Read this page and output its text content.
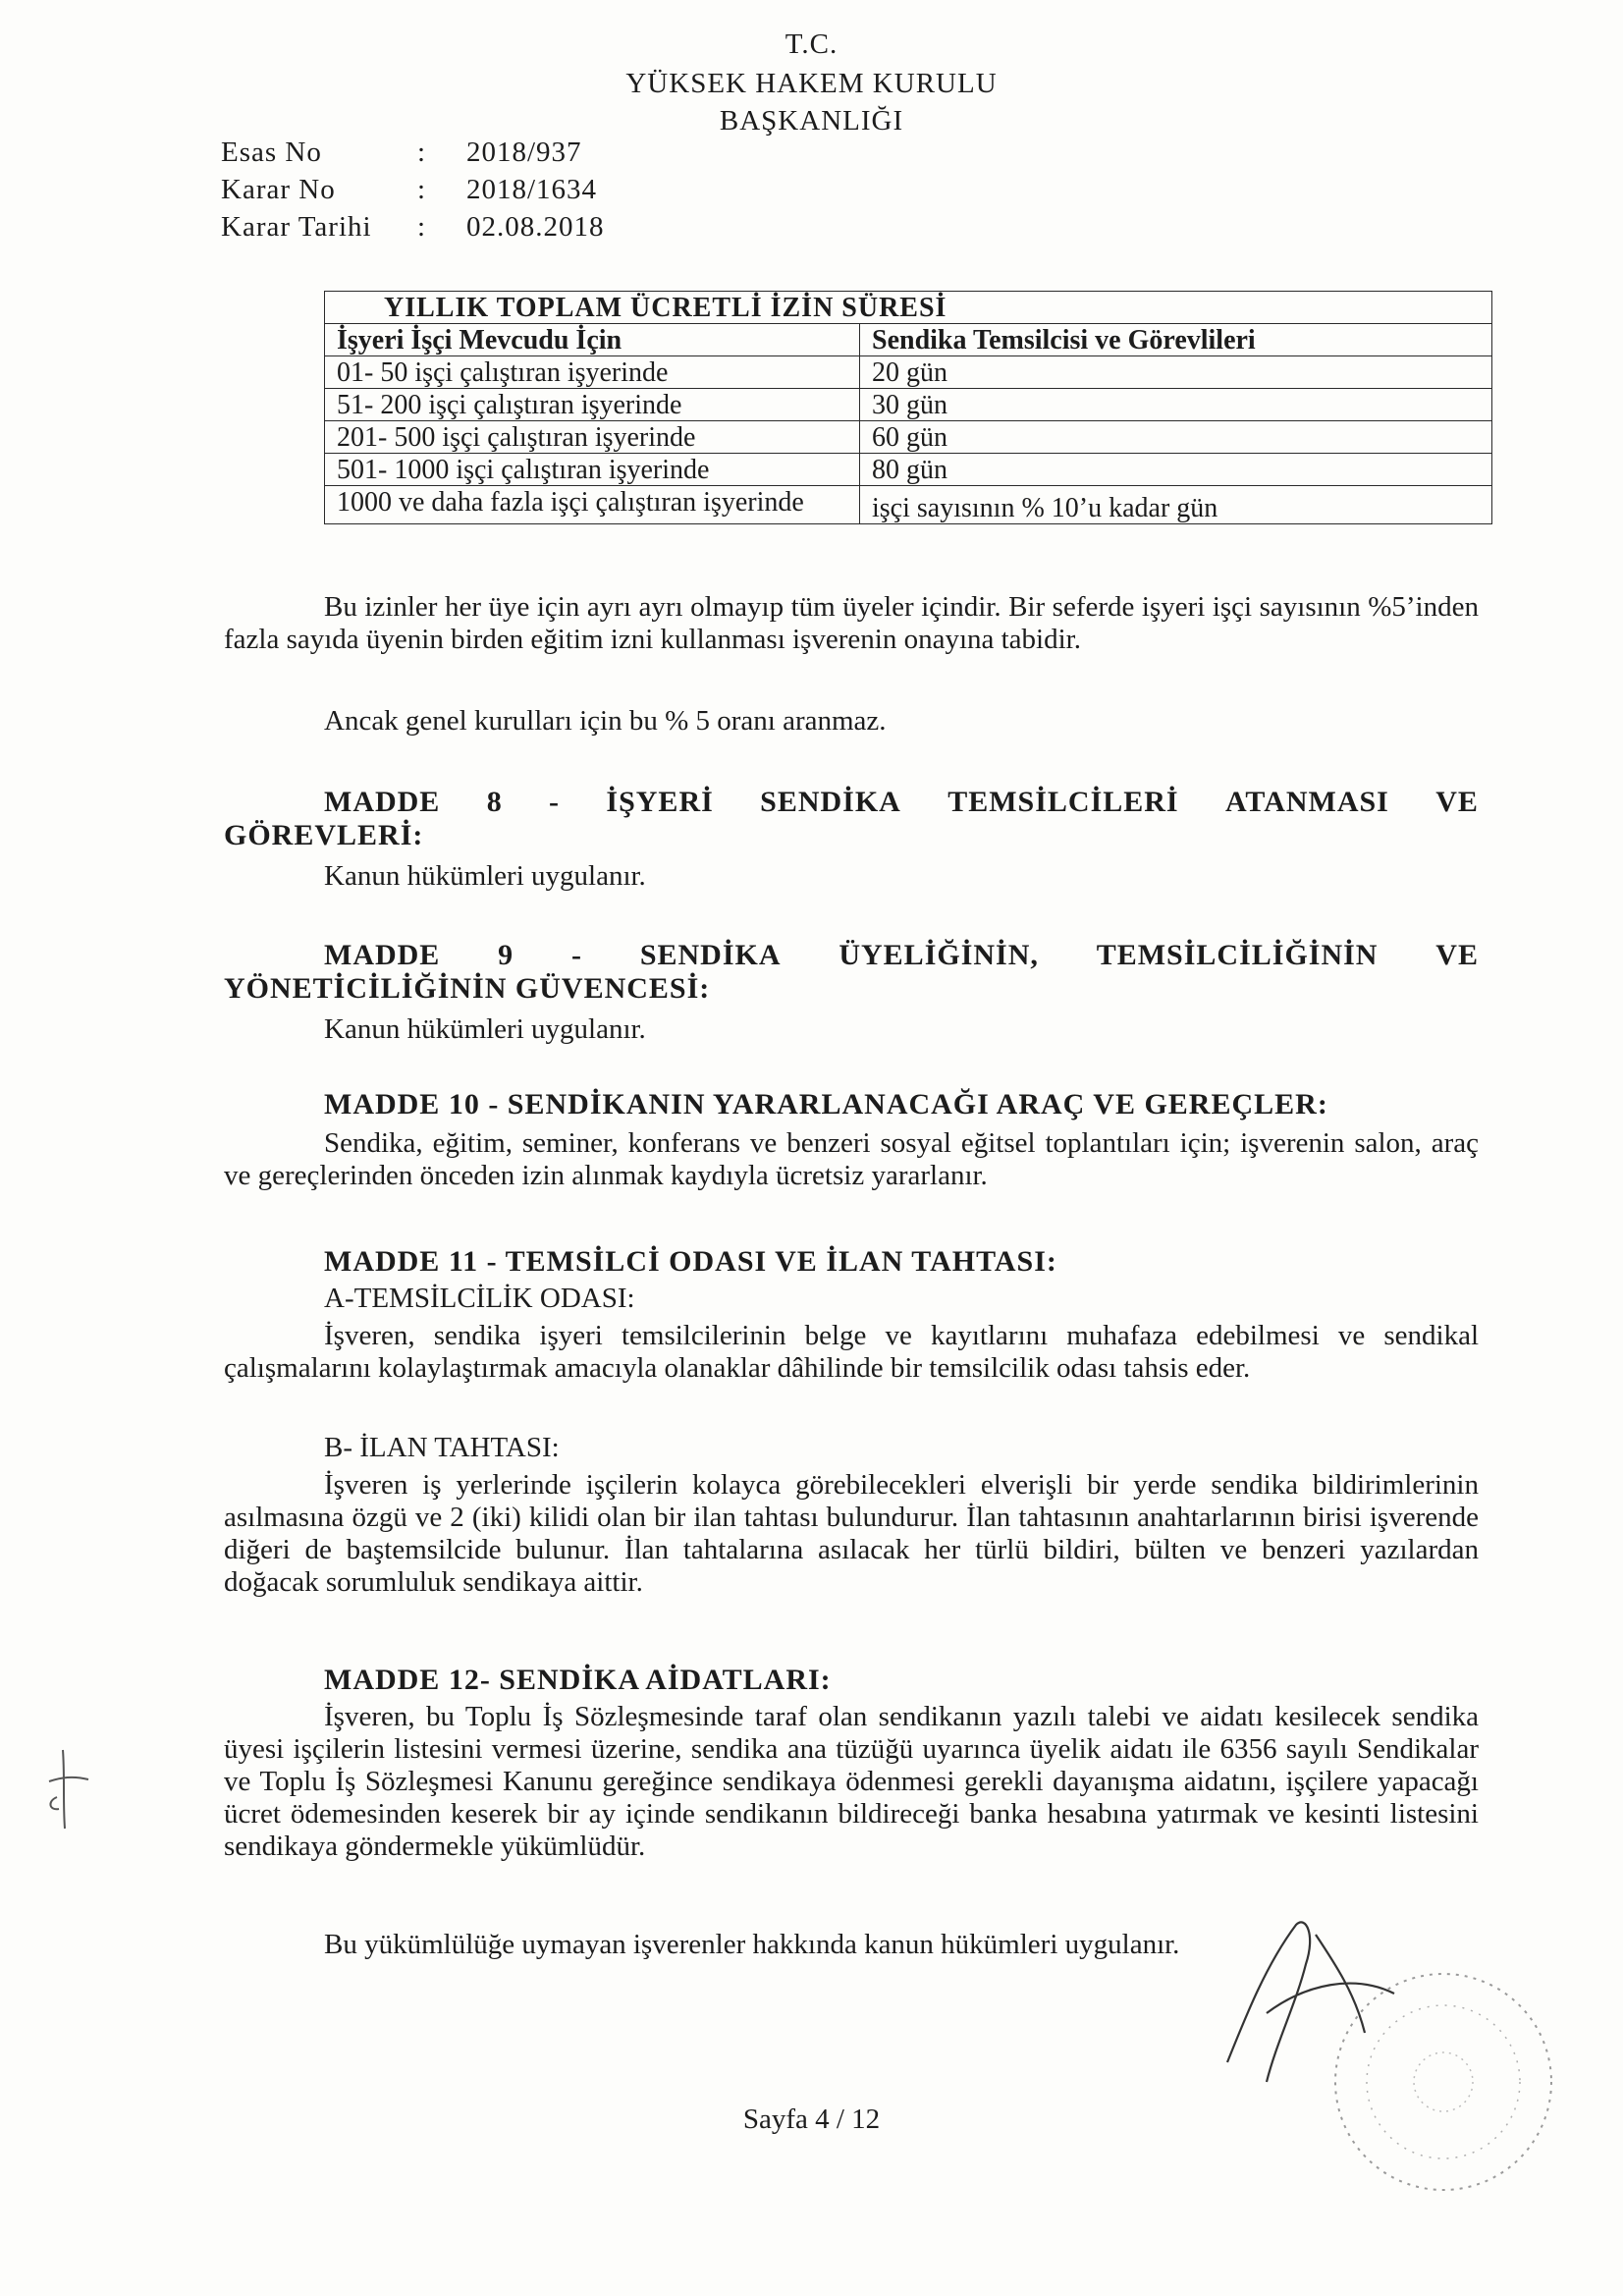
T.C.
YÜKSEK HAKEM KURULU
BAŞKANLIĞI
Esas No	:	2018/937
Karar No	:	2018/1634
Karar Tarihi	:	02.08.2018
YILLIK TOPLAM ÜCRETLİ İZİN SÜRESİ	
İşyeri İşçi Mevcudu İçin	Sendika Temsilcisi ve Görevlileri
01- 50 işçi çalıştıran işyerinde	20 gün
51- 200 işçi çalıştıran işyerinde	30 gün
201- 500 işçi çalıştıran işyerinde	60 gün
501- 1000 işçi çalıştıran işyerinde	80 gün
1000 ve daha fazla işçi çalıştıran işyerinde	işçi sayısının % 10’u kadar gün
Bu izinler her üye için ayrı ayrı olmayıp tüm üyeler içindir. Bir seferde işyeri işçi sayısının %5’inden fazla sayıda üyenin birden eğitim izni kullanması işverenin onayına tabidir.
Ancak genel kurulları için bu % 5 oranı aranmaz.
MADDE 8 - İŞYERİ SENDİKA TEMSİLCİLERİ ATANMASI VE
GÖREVLERİ:
Kanun hükümleri uygulanır.
MADDE 9 - SENDİKA ÜYELİĞİNİN, TEMSİLCİLİĞİNİN VE
YÖNETİCİLİĞİNİN GÜVENCESİ:
Kanun hükümleri uygulanır.
MADDE 10 - SENDİKANIN YARARLANACAĞI ARAÇ VE GEREÇLER:
Sendika, eğitim, seminer, konferans ve benzeri sosyal eğitsel toplantıları için; işverenin salon, araç ve gereçlerinden önceden izin alınmak kaydıyla ücretsiz yararlanır.
MADDE 11 - TEMSİLCİ ODASI VE İLAN TAHTASI:
A-TEMSİLCİLİK ODASI:
İşveren, sendika işyeri temsilcilerinin belge ve kayıtlarını muhafaza edebilmesi ve sendikal çalışmalarını kolaylaştırmak amacıyla olanaklar dâhilinde bir temsilcilik odası tahsis eder.
B- İLAN TAHTASI:
İşveren iş yerlerinde işçilerin kolayca görebilecekleri elverişli bir yerde sendika bildirimlerinin asılmasına özgü ve 2 (iki) kilidi olan bir ilan tahtası bulundurur. İlan tahtasının anahtarlarının birisi işverende diğeri de baştemsilcide bulunur. İlan tahtalarına asılacak her türlü bildiri, bülten ve benzeri yazılardan doğacak sorumluluk sendikaya aittir.
MADDE 12- SENDİKA AİDATLARI:
İşveren, bu Toplu İş Sözleşmesinde taraf olan sendikanın yazılı talebi ve aidatı kesilecek sendika üyesi işçilerin listesini vermesi üzerine, sendika ana tüzüğü uyarınca üyelik aidatı ile 6356 sayılı Sendikalar ve Toplu İş Sözleşmesi Kanunu gereğince sendikaya ödenmesi gerekli dayanışma aidatını, işçilere yapacağı ücret ödemesinden keserek bir ay içinde sendikanın bildireceği banka hesabına yatırmak ve kesinti listesini sendikaya göndermekle yükümlüdür.
Bu yükümlülüğe uymayan işverenler hakkında kanun hükümleri uygulanır.
Sayfa 4 / 12
